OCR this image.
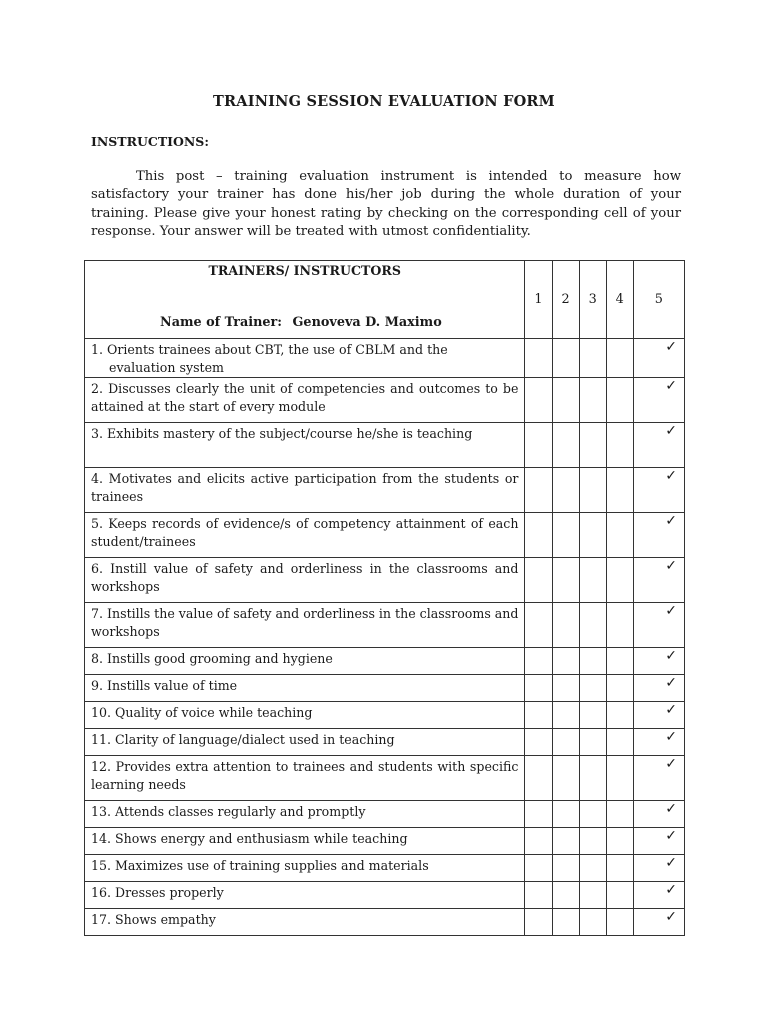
TRAINING SESSION EVALUATION FORM
INSTRUCTIONS:
This post – training evaluation instrument is intended to measure how satisfactory your trainer has done his/her job during the whole duration of your training. Please give your honest rating by checking on the corresponding cell of your response. Your answer will be treated with utmost confidentiality.
TRAINERS/ INSTRUCTORS
Name of Trainer: Genoveva D. Maximo	1	2	3	4	5
1. Orients trainees about CBT, the use of CBLM and the
evaluation system					✓
2. Discusses clearly the unit of competencies and outcomes to be attained at the start of every module					✓
3. Exhibits mastery of the subject/course he/she is teaching					✓
4. Motivates and elicits active participation from the students or trainees					✓
5. Keeps records of evidence/s of competency attainment of each student/trainees					✓
6. Instill value of safety and orderliness in the classrooms and workshops					✓
7. Instills the value of safety and orderliness in the classrooms and workshops					✓
8. Instills good grooming and hygiene					✓
9. Instills value of time					✓
10. Quality of voice while teaching					✓
11. Clarity of language/dialect used in teaching					✓
12. Provides extra attention to trainees and students with specific learning needs					✓
13. Attends classes regularly and promptly					✓
14. Shows energy and enthusiasm while teaching					✓
15. Maximizes use of training supplies and materials					✓
16. Dresses properly					✓
17. Shows empathy					✓
